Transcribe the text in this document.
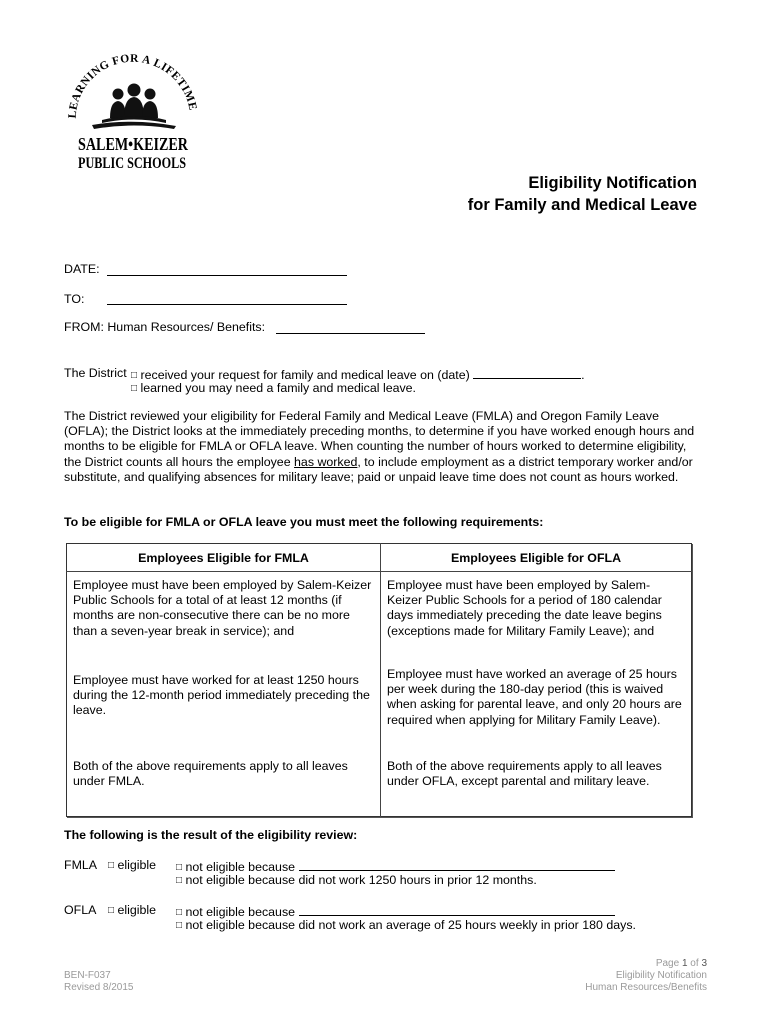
LEARNING FOR A LIFETIME
SALEM•KEIZER
PUBLIC SCHOOLS
Eligibility Notification
for Family and Medical Leave
DATE:
TO:
FROM: Human Resources/ Benefits:
The District □ received your request for family and medical leave on (date)	.
□ learned you may need a family and medical leave.
The District reviewed your eligibility for Federal Family and Medical Leave (FMLA) and Oregon Family Leave (OFLA); the District looks at the immediately preceding months, to determine if you have worked enough hours and months to be eligible for FMLA or OFLA leave. When counting the number of hours worked to determine eligibility, the District counts all hours the employee has worked, to include employment as a district temporary worker and/or substitute, and qualifying absences for military leave; paid or unpaid leave time does not count as hours worked.
To be eligible for FMLA or OFLA leave you must meet the following requirements:
Employees Eligible for FMLA	Employees Eligible for OFLA
Employee must have been employed by Salem-Keizer Public Schools for a total of at least 12 months (if months are non-consecutive there can be no more than a seven-year break in service); and	Employee must have been employed by Salem-Keizer Public Schools for a period of 180 calendar days immediately preceding the date leave begins (exceptions made for Military Family Leave); and
Employee must have worked for at least 1250 hours during the 12-month period immediately preceding the leave.	Employee must have worked an average of 25 hours per week during the 180-day period (this is waived when asking for parental leave, and only 20 hours are required when applying for Military Family Leave).
Both of the above requirements apply to all leaves under FMLA.	Both of the above requirements apply to all leaves under OFLA, except parental and military leave.
The following is the result of the eligibility review:
FMLA □ eligible □ not eligible because
□ not eligible because did not work 1250 hours in prior 12 months.
OFLA □ eligible □ not eligible because
□ not eligible because did not work an average of 25 hours weekly in prior 180 days.
BEN-F037
Revised 8/2015
Page 1 of 3
Eligibility Notification
Human Resources/Benefits
